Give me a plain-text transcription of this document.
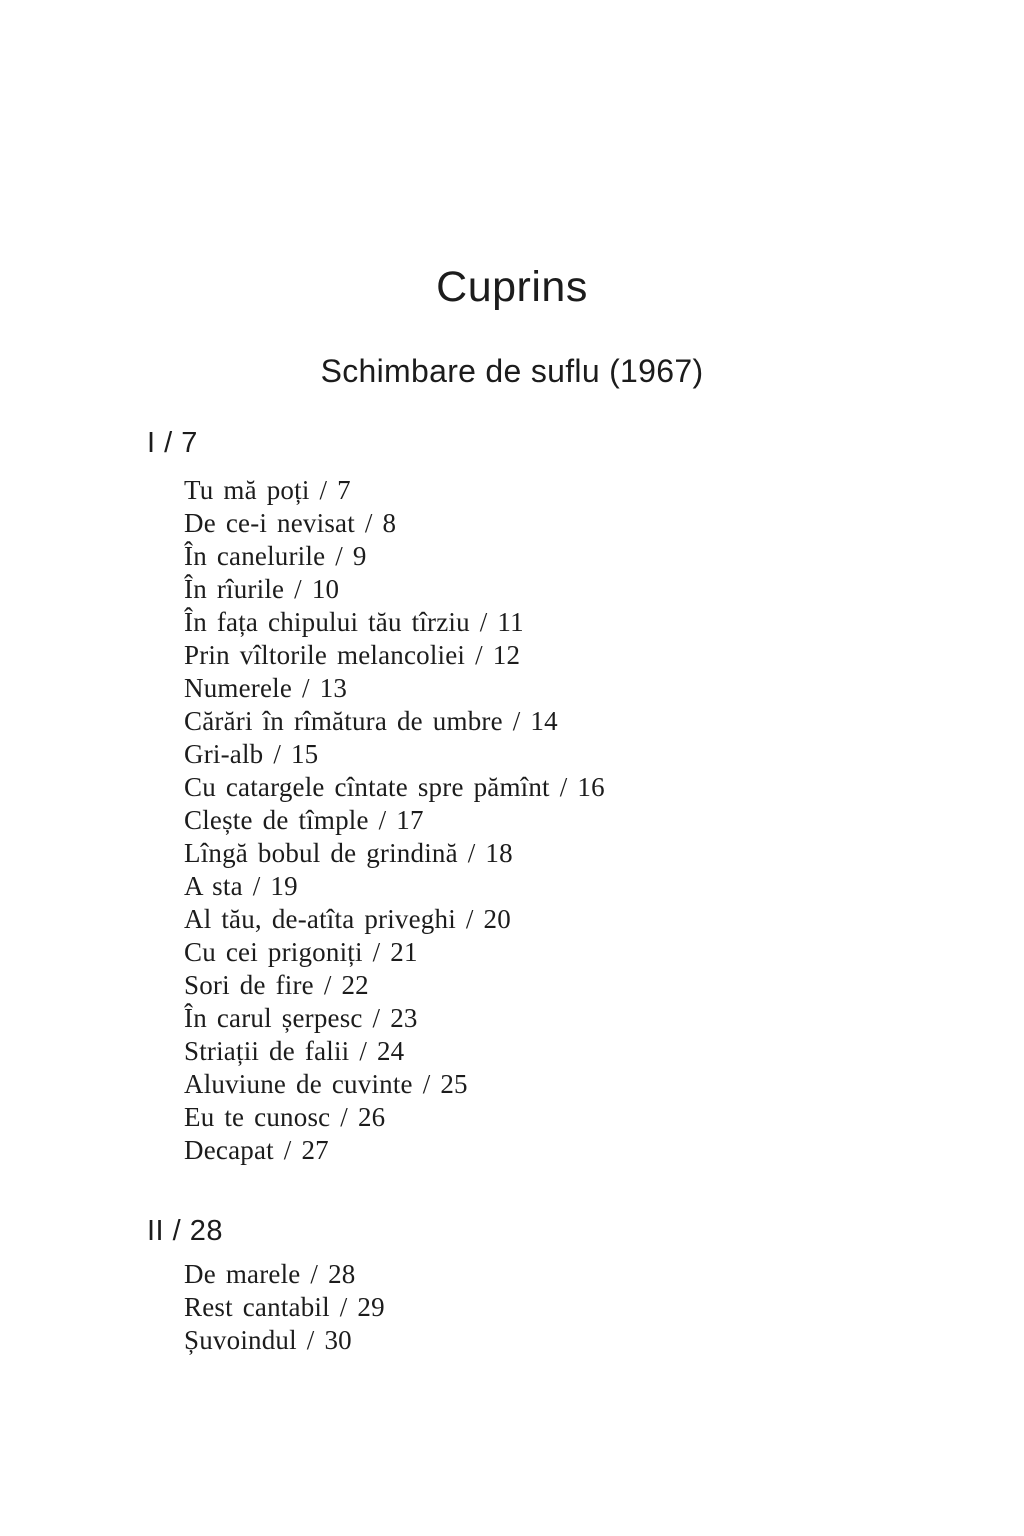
Cuprins
Schimbare de suflu (1967)
I / 7
Tu mă poți / 7
De ce-i nevisat / 8
În canelurile / 9
În rîurile / 10
În fața chipului tău tîrziu / 11
Prin vîltorile melancoliei / 12
Numerele / 13
Cărări în rîmătura de umbre / 14
Gri-alb / 15
Cu catargele cîntate spre pămînt / 16
Clește de tîmple / 17
Lîngă bobul de grindină / 18
A sta / 19
Al tău, de-atîta priveghi / 20
Cu cei prigoniți / 21
Sori de fire / 22
În carul șerpesc / 23
Striații de falii / 24
Aluviune de cuvinte / 25
Eu te cunosc / 26
Decapat / 27
II / 28
De marele / 28
Rest cantabil / 29
Șuvoindul / 30
